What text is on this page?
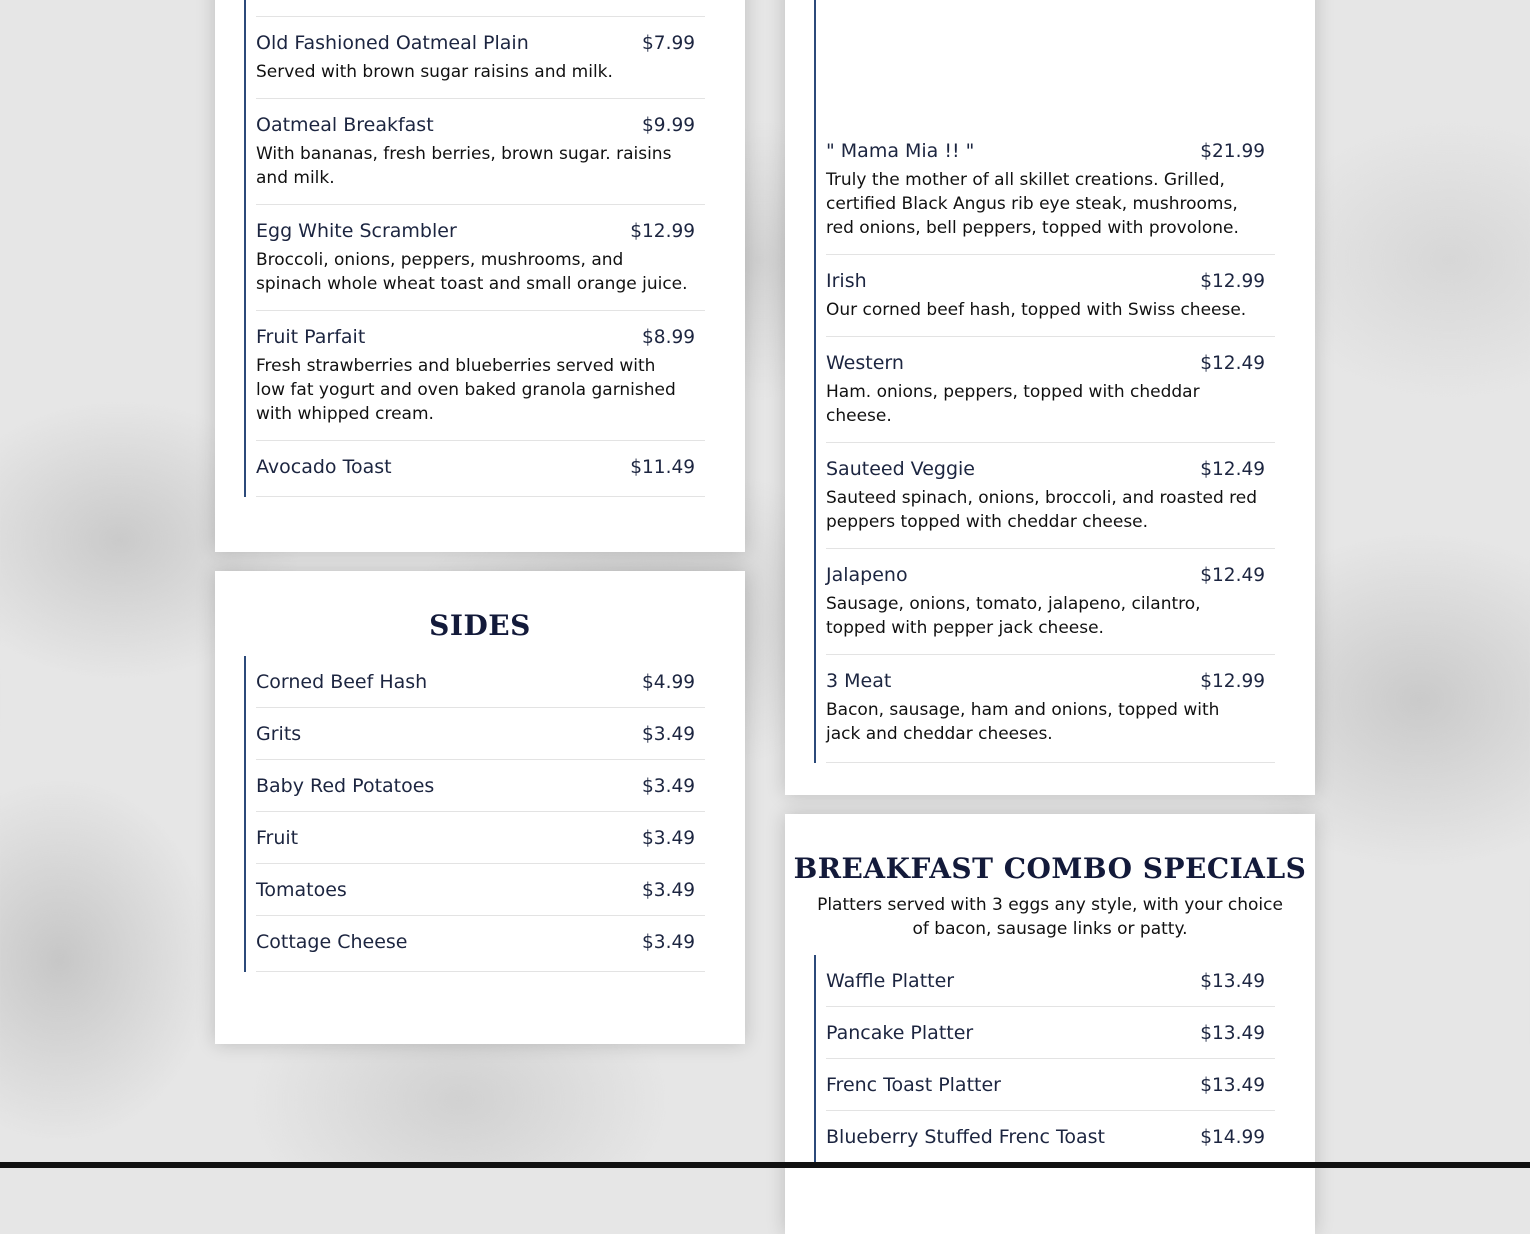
Old Fashioned Oatmeal Plain	$7.99
Served with brown sugar raisins and milk.
Oatmeal Breakfast	$9.99
With bananas, fresh berries, brown sugar. raisins and milk.
Egg White Scrambler	$12.99
Broccoli, onions, peppers, mushrooms, and spinach whole wheat toast and small orange juice.
Fruit Parfait	$8.99
Fresh strawberries and blueberries served with low fat yogurt and oven baked granola garnished with whipped cream.
Avocado Toast	$11.49
SIDES
Corned Beef Hash	$4.99
Grits	$3.49
Baby Red Potatoes	$3.49
Fruit	$3.49
Tomatoes	$3.49
Cottage Cheese	$3.49
" Mama Mia !! "	$21.99
Truly the mother of all skillet creations. Grilled, certified Black Angus rib eye steak, mushrooms, red onions, bell peppers, topped with provolone.
Irish	$12.99
Our corned beef hash, topped with Swiss cheese.
Western	$12.49
Ham. onions, peppers, topped with cheddar cheese.
Sauteed Veggie	$12.49
Sauteed spinach, onions, broccoli, and roasted red peppers topped with cheddar cheese.
Jalapeno	$12.49
Sausage, onions, tomato, jalapeno, cilantro, topped with pepper jack cheese.
3 Meat	$12.99
Bacon, sausage, ham and onions, topped with jack and cheddar cheeses.
BREAKFAST COMBO SPECIALS
Platters served with 3 eggs any style, with your choice of bacon, sausage links or patty.
Waffle Platter	$13.49
Pancake Platter	$13.49
Frenc Toast Platter	$13.49
Blueberry Stuffed Frenc Toast	$14.99
